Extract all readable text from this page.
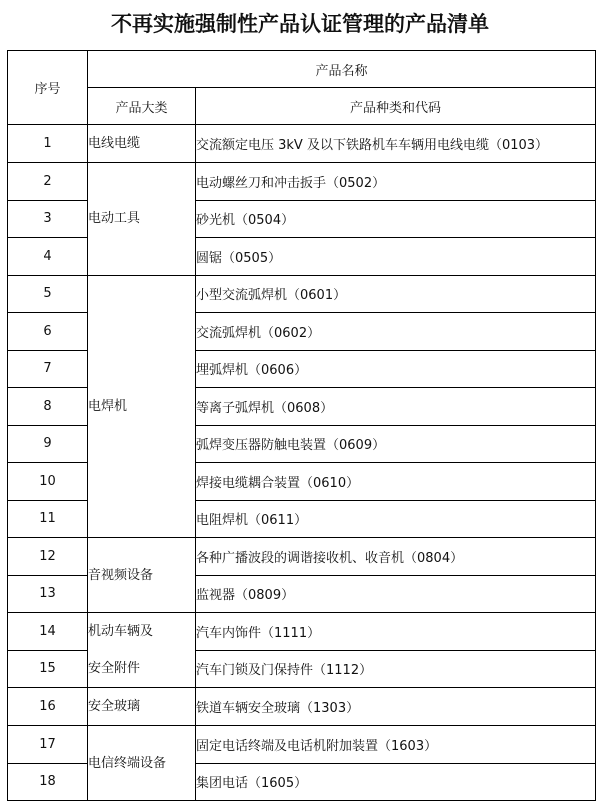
不再实施强制性产品认证管理的产品清单
序号	产品名称	
	产品大类	产品种类和代码
1	电线电缆	交流额定电压 3kV 及以下铁路机车车辆用电线电缆（0103）
2	电动工具	电动螺丝刀和冲击扳手（0502）
3		砂光机（0504）
4		圆锯（0505）
5	电焊机	小型交流弧焊机（0601）
6		交流弧焊机（0602）
7		埋弧焊机（0606）
8		等离子弧焊机（0608）
9		弧焊变压器防触电装置（0609）
10		焊接电缆耦合装置（0610）
11		电阻焊机（0611）
12	音视频设备	各种广播波段的调谐接收机、收音机（0804）
13		监视器（0809）
14	机动车辆及	汽车内饰件（1111）
15	安全附件	汽车门锁及门保持件（1112）
16	安全玻璃	铁道车辆安全玻璃（1303）
17	电信终端设备	固定电话终端及电话机附加装置（1603）
18		集团电话（1605）
